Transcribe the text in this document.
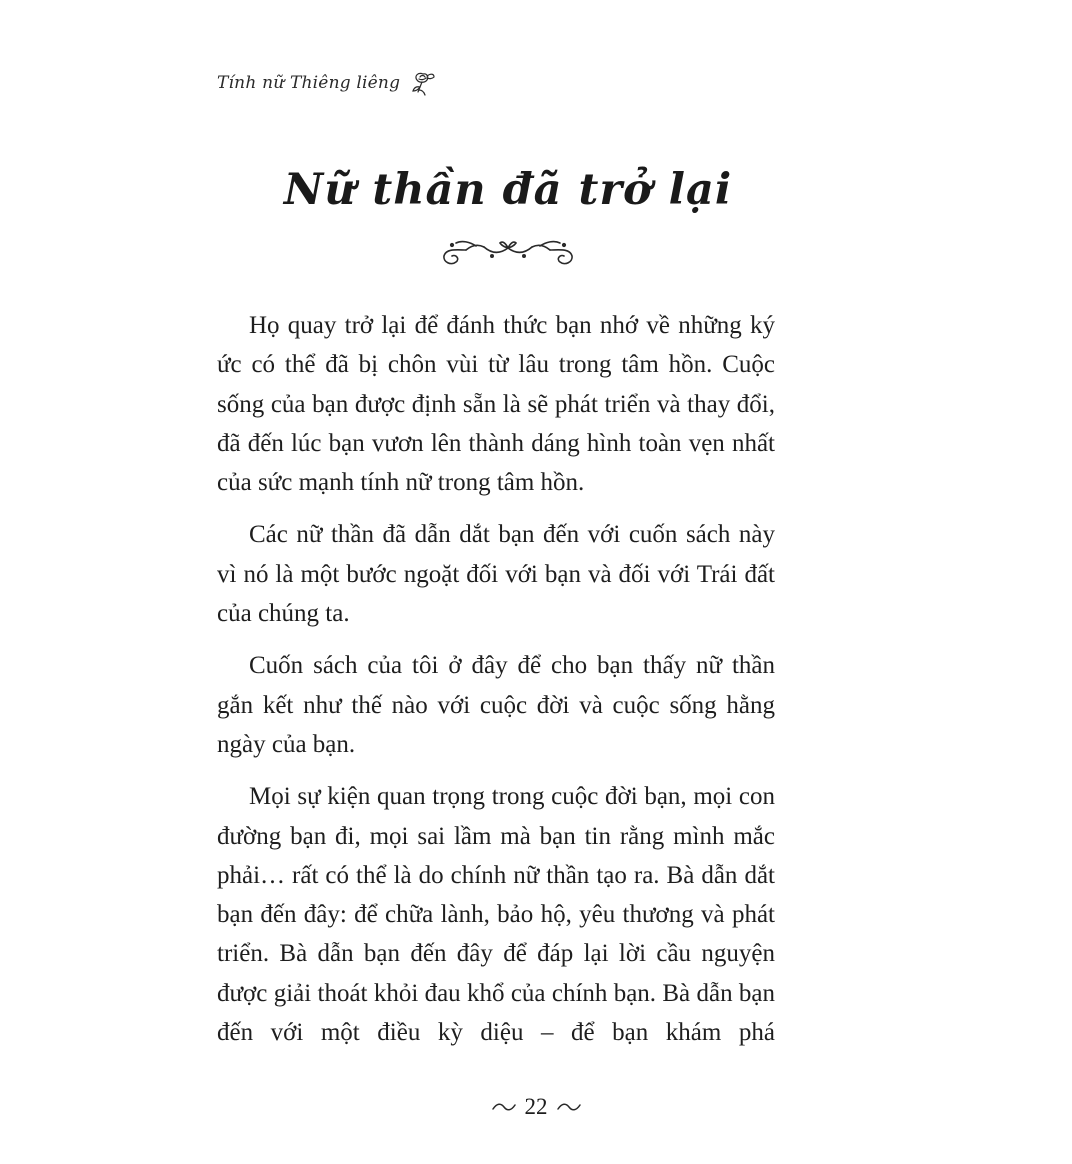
Tính nữ Thiêng liêng
Nữ thần đã trở lại

Họ quay trở lại để đánh thức bạn nhớ về những ký ức có thể đã bị chôn vùi từ lâu trong tâm hồn. Cuộc sống của bạn được định sẵn là sẽ phát triển và thay đổi, đã đến lúc bạn vươn lên thành dáng hình toàn vẹn nhất của sức mạnh tính nữ trong tâm hồn.

Các nữ thần đã dẫn dắt bạn đến với cuốn sách này vì nó là một bước ngoặt đối với bạn và đối với Trái đất của chúng ta.

Cuốn sách của tôi ở đây để cho bạn thấy nữ thần gắn kết như thế nào với cuộc đời và cuộc sống hằng ngày của bạn.

Mọi sự kiện quan trọng trong cuộc đời bạn, mọi con đường bạn đi, mọi sai lầm mà bạn tin rằng mình mắc phải… rất có thể là do chính nữ thần tạo ra. Bà dẫn dắt bạn đến đây: để chữa lành, bảo hộ, yêu thương và phát triển. Bà dẫn bạn đến đây để đáp lại lời cầu nguyện được giải thoát khỏi đau khổ của chính bạn. Bà dẫn bạn đến với một điều kỳ diệu – để bạn khám phá

22
